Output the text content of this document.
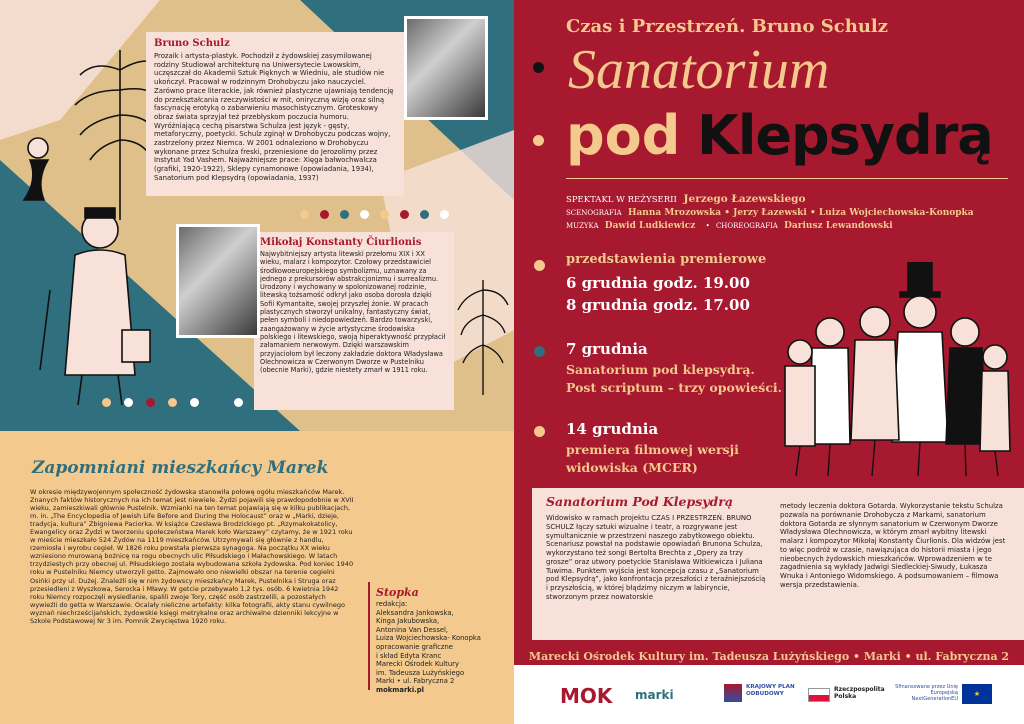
Bruno Schulz
Prozaik i artysta-plastyk. Pochodził z żydowskiej zasymilowanej rodziny Studiował architekturę na Uniwersytecie Lwowskim, uczęszczał do Akademii Sztuk Pięknych w Wiedniu, ale studiów nie ukończył. Pracował w rodzinnym Drohobyczu jako nauczyciel. Zarówno prace literackie, jak również plastyczne ujawniają tendencję do przekształcania rzeczywistości w mit, oniryczną wizję oraz silną fascynację erotyką o zabarwieniu masochistycznym. Groteskowy obraz świata sprzyjał też przebłyskom poczucia humoru. Wyróżniającą cechą pisarstwa Schulza jest język - gęsty, metaforyczny, poetycki. Schulz zginął w Drohobyczu podczas wojny, zastrzelony przez Niemca. W 2001 odnaleziono w Drohobyczu wykonane przez Schulza freski, przeniesione do Jerozolimy przez Instytut Yad Vashem. Najważniejsze prace: Xięga bałwochwalcza (grafiki, 1920-1922), Sklepy cynamonowe (opowiadania, 1934), Sanatorium pod Klepsydrą (opowiadania, 1937)
Mikołaj Konstanty Čiurlionis
Najwybitniejszy artysta litewski przełomu XIX i XX wieku, malarz i kompozytor. Czołowy przedstawiciel środkowoeuropejskiego symbolizmu, uznawany za jednego z prekursorów abstrakcjonizmu i surrealizmu. Urodzony i wychowany w spolonizowanej rodzinie, litewską tożsamość odkrył jako osoba dorosła dzięki Sofii Kymantaite, swojej przyszłej żonie. W pracach plastycznych stworzył unikalny, fantastyczny świat, pełen symboli i niedopowiedzeń. Bardzo towarzyski, zaangażowany w życie artystyczne środowiska polskiego i litewskiego, swoją hiperaktywność przypłacił załamaniem nerwowym. Dzięki warszawskim przyjaciołom był leczony zakładzie doktora Władysława Olechnowicza w Czerwonym Dworze w Pustelniku (obecnie Marki), gdzie niestety zmarł w 1911 roku.
Zapomniani mieszkańcy Marek
W okresie międzywojennym społeczność żydowska stanowiła połowę ogółu mieszkańców Marek. Znanych faktów historycznych na ich temat jest niewiele. Żydzi pojawili się prawdopodobnie w XVII wieku, zamieszkiwali głównie Pustelnik. Wzmianki na ten temat pojawiają się w kilku publikacjach, m. in. „The Encyclopedia of Jewish Life Before and During the Holocaust” oraz w „Marki, dzieje, tradycja, kultura” Zbigniewa Paciorka. W książce Czesława Brodzickiego pt. „Rzymakokatolicy, Ewangelicy oraz Żydzi w tworzeniu społeczeństwa Marek koło Warszawy” czytamy, że w 1921 roku w mieście mieszkało 524 Żydów na 1119 mieszkańców. Utrzymywali się głównie z handlu, rzemiosła i wyrobu cegieł. W 1826 roku powstała pierwsza synagoga. Na początku XX wieku wzniesiono murowaną bożnicę na rogu obecnych ulic Piłsudskiego i Małachowskiego. W latach trzydziestych przy obecnej ul. Piłsudskiego została wybudowana szkoła żydowska. Pod koniec 1940 roku w Pustelniku Niemcy utworzyli getto. Zajmowało ono niewielki obszar na terenie cegielni Osińki przy ul. Dużej. Znaleźli się w nim żydowscy mieszkańcy Marek, Pustelnika i Struga oraz przesiedleni z Wyszkowa, Serocka i Mławy. W getcie przebywało 1,2 tys. osób. 6 kwietnia 1942 roku Niemcy rozpoczęli wysiedlanie, spalili zwoje Tory, część osób zastrzelili, a pozostałych wywieźli do getta w Warszawie. Ocalały nieliczne artefakty: kilka fotografii, akty stanu cywilnego wyznań niechrześcijańskich, żydowskie księgi metrykalne oraz archiwalne dzienniki lekcyjne w Szkole Podstawowej Nr 3 im. Pomnik Zwycięstwa 1920 roku.
Stopka
redakcja:
Aleksandra Jankowska,
Kinga Jakubowska,
Antonina Van Dessel,
Luiza Wojciechowska- Konopka
opracowanie graficzne
i skład Edyta Kranc
Marecki Ośrodek Kultury
im. Tadeusza Lużyńskiego
Marki • ul. Fabryczna 2
mokmarki.pl
Czas i Przestrzeń. Bruno Schulz
Sanatorium
pod Klepsydrą
SPEKTAKL W REŻYSERII Jerzego Łazewskiego
SCENOGRAFIA Hanna Mrozowska • Jerzy Łazewski • Luiza Wojciechowska-Konopka
MUZYKA Dawid Ludkiewicz • CHOREOGRAFIA Dariusz Lewandowski
przedstawienia premierowe
6 grudnia godz. 19.00
8 grudnia godz. 17.00
7 grudnia
Sanatorium pod klepsydrą.
Post scriptum – trzy opowieści.
14 grudnia
premiera filmowej wersji
widowiska (MCER)
Sanatorium Pod Klepsydrą
Widowisko w ramach projektu CZAS I PRZESTRZEŃ. BRUNO SCHULZ łączy sztuki wizualne i teatr, a rozgrywane jest symultanicznie w przestrzeni naszego zabytkowego obiektu. Scenariusz powstał na podstawie opowiadań Brunona Schulza, wykorzystano też songi Bertolta Brechta z „Opery za trzy grosze” oraz utwory poetyckie Stanisława Witkiewicza i Juliana Tuwima. Punktem wyjścia jest koncepcja czasu z „Sanatorium pod Klepsydrą”, jako konfrontacja przeszłości z teraźniejszością i przyszłością, w której błądzimy niczym w labiryncie, stworzonym przez nowatorskie
metody leczenia doktora Gotarda. Wykorzystanie tekstu Schulza pozwala na porównanie Drohobycza z Markami, sanatorium doktora Gotarda ze słynnym sanatorium w Czerwonym Dworze Władysława Olechnowicza, w którym zmarł wybitny litewski malarz i kompozytor Mikołaj Konstanty Čiurlionis. Dla widzów jest to więc podróż w czasie, nawiązująca do historii miasta i jego nieobecnych żydowskich mieszkańców. Wprowadzeniem w te zagadnienia są wykłady Jadwigi Siedleckiej-Siwudy, Łukasza Wnuka i Antoniego Widomskiego. A podsumowaniem – filmowa wersja przedstawienia.
Marecki Ośrodek Kultury im. Tadeusza Lużyńskiego • Marki • ul. Fabryczna 2
MOK marki
KRAJOWY PLAN ODBUDOWY
Rzeczpospolita Polska
Sfinansowane przez Unię Europejską NextGenerationEU
★
